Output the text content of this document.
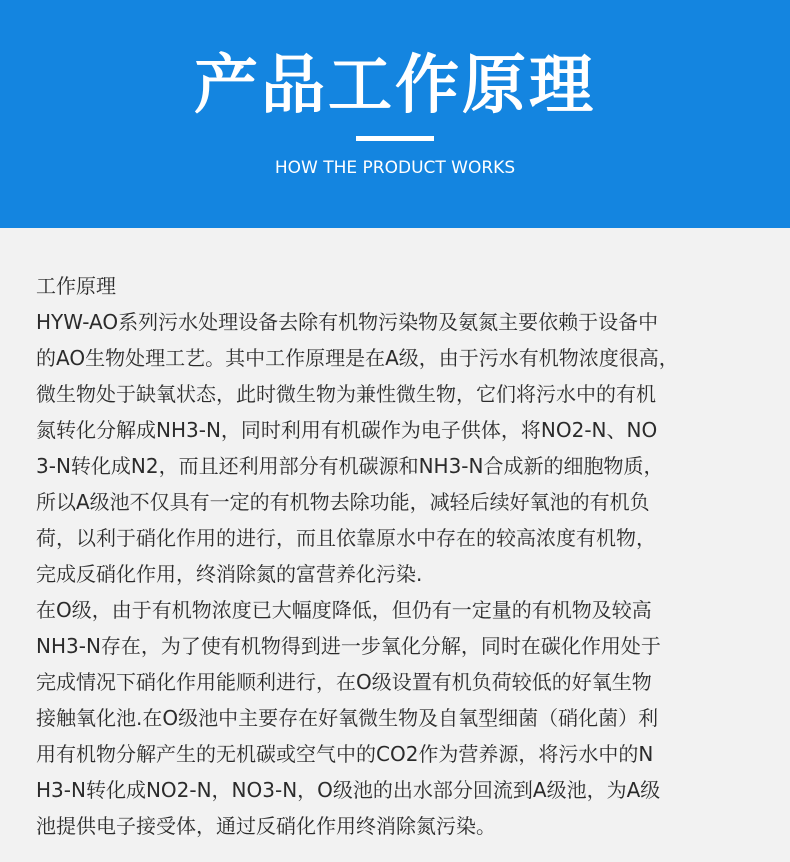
产品工作原理
HOW THE PRODUCT WORKS
工作原理
HYW-AO系列污水处理设备去除有机物污染物及氨氮主要依赖于设备中
的AO生物处理工艺。其中工作原理是在A级，由于污水有机物浓度很高，
微生物处于缺氧状态，此时微生物为兼性微生物，它们将污水中的有机
氮转化分解成NH3-N，同时利用有机碳作为电子供体，将NO2-N、NO
3-N转化成N2，而且还利用部分有机碳源和NH3-N合成新的细胞物质，
所以A级池不仅具有一定的有机物去除功能，减轻后续好氧池的有机负
荷，以利于硝化作用的进行，而且依靠原水中存在的较高浓度有机物，
完成反硝化作用，终消除氮的富营养化污染.
在O级，由于有机物浓度已大幅度降低，但仍有一定量的有机物及较高
NH3-N存在，为了使有机物得到进一步氧化分解，同时在碳化作用处于
完成情况下硝化作用能顺利进行，在O级设置有机负荷较低的好氧生物
接触氧化池.在O级池中主要存在好氧微生物及自氧型细菌（硝化菌）利
用有机物分解产生的无机碳或空气中的CO2作为营养源，将污水中的N
H3-N转化成NO2-N，NO3-N，O级池的出水部分回流到A级池，为A级
池提供电子接受体，通过反硝化作用终消除氮污染。
